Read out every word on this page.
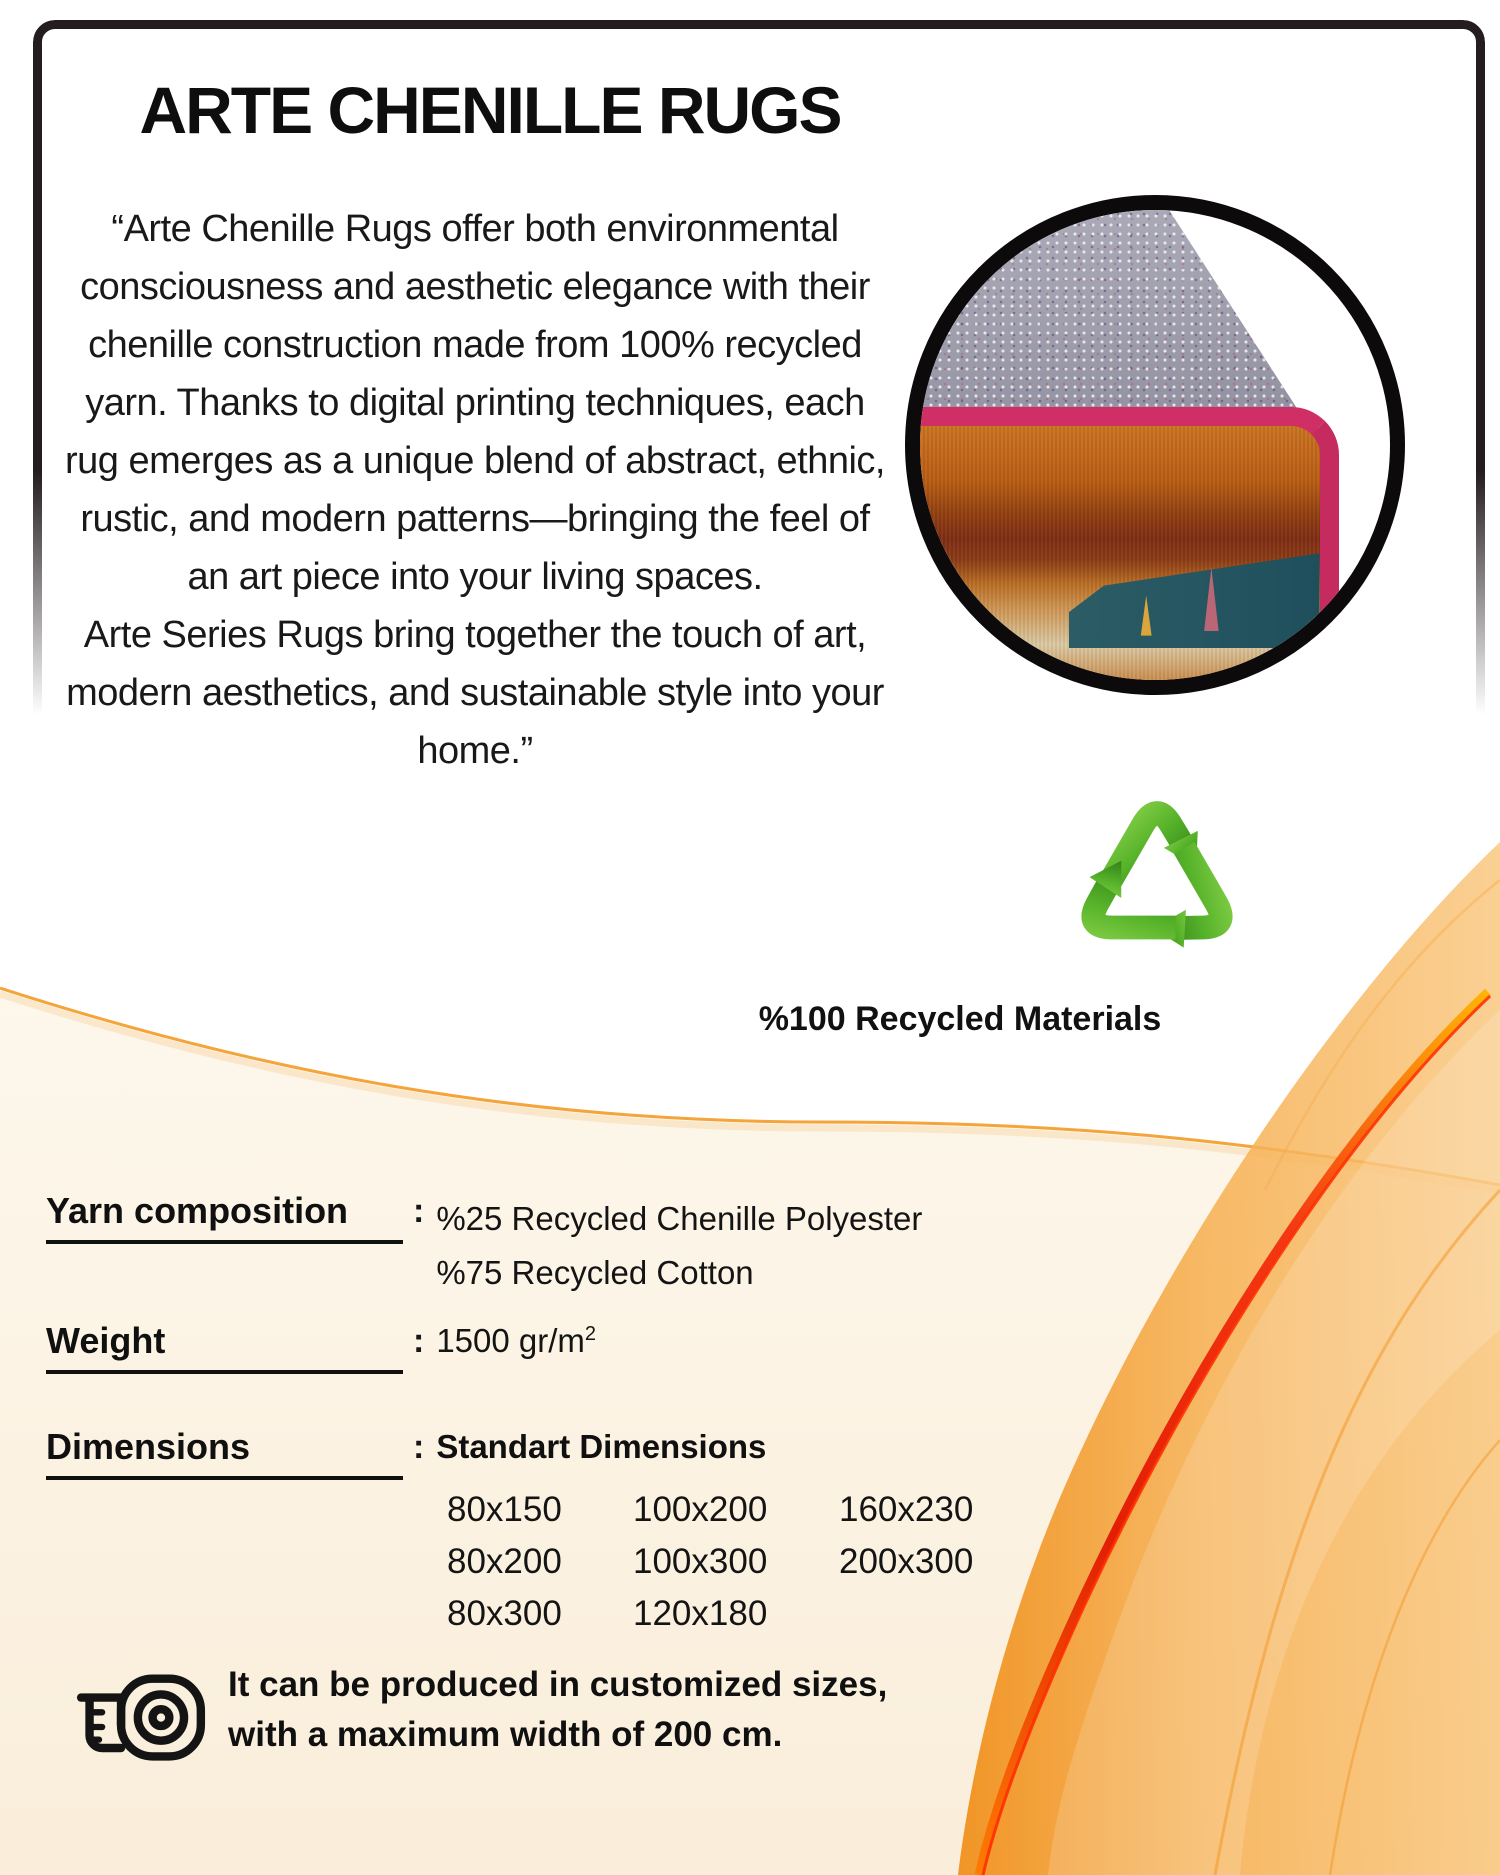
ARTE CHENILLE RUGS

“Arte Chenille Rugs offer both environmental consciousness and aesthetic elegance with their chenille construction made from 100% recycled yarn. Thanks to digital printing techniques, each rug emerges as a unique blend of abstract, ethnic, rustic, and modern patterns—bringing the feel of an art piece into your living spaces.

Arte Series Rugs bring together the touch of art, modern aesthetics, and sustainable style into your home.”

%100 Recycled Materials
Yarn composition	: %25 Recycled Chenille Polyester
%75 Recycled Cotton
Weight	: 1500 $gr/m^2$
Dimensions	: Standart Dimensions
80x150	100x200	160x230
80x200	100x300	200x300
80x300	120x180
It can be produced in customized sizes,
with a maximum width of 200 cm.
